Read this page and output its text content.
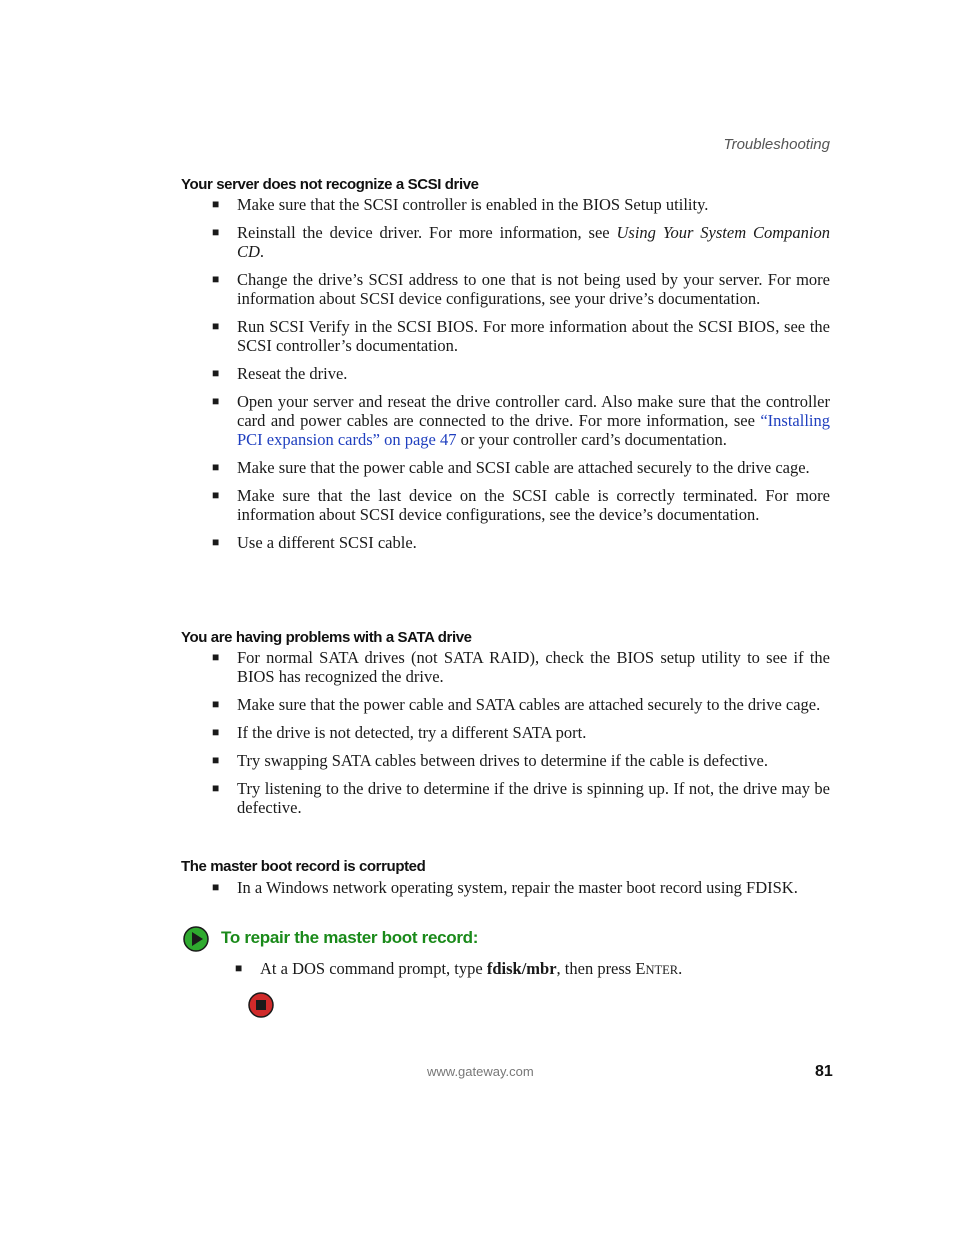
Troubleshooting
Your server does not recognize a SCSI drive
■ Make sure that the SCSI controller is enabled in the BIOS Setup utility.
■ Reinstall the device driver. For more information, see Using Your System Companion CD.
■ Change the drive’s SCSI address to one that is not being used by your server. For more information about SCSI device configurations, see your drive’s documentation.
■ Run SCSI Verify in the SCSI BIOS. For more information about the SCSI BIOS, see the SCSI controller’s documentation.
■ Reseat the drive.
■ Open your server and reseat the drive controller card. Also make sure that the controller card and power cables are connected to the drive. For more information, see “Installing PCI expansion cards” on page 47 or your controller card’s documentation.
■ Make sure that the power cable and SCSI cable are attached securely to the drive cage.
■ Make sure that the last device on the SCSI cable is correctly terminated. For more information about SCSI device configurations, see the device’s documentation.
■ Use a different SCSI cable.
You are having problems with a SATA drive
■ For normal SATA drives (not SATA RAID), check the BIOS setup utility to see if the BIOS has recognized the drive.
■ Make sure that the power cable and SATA cables are attached securely to the drive cage.
■ If the drive is not detected, try a different SATA port.
■ Try swapping SATA cables between drives to determine if the cable is defective.
■ Try listening to the drive to determine if the drive is spinning up. If not, the drive may be defective.
The master boot record is corrupted
■ In a Windows network operating system, repair the master boot record using FDISK.
To repair the master boot record:
■ At a DOS command prompt, type fdisk/mbr, then press ENTER.
www.gateway.com	81
